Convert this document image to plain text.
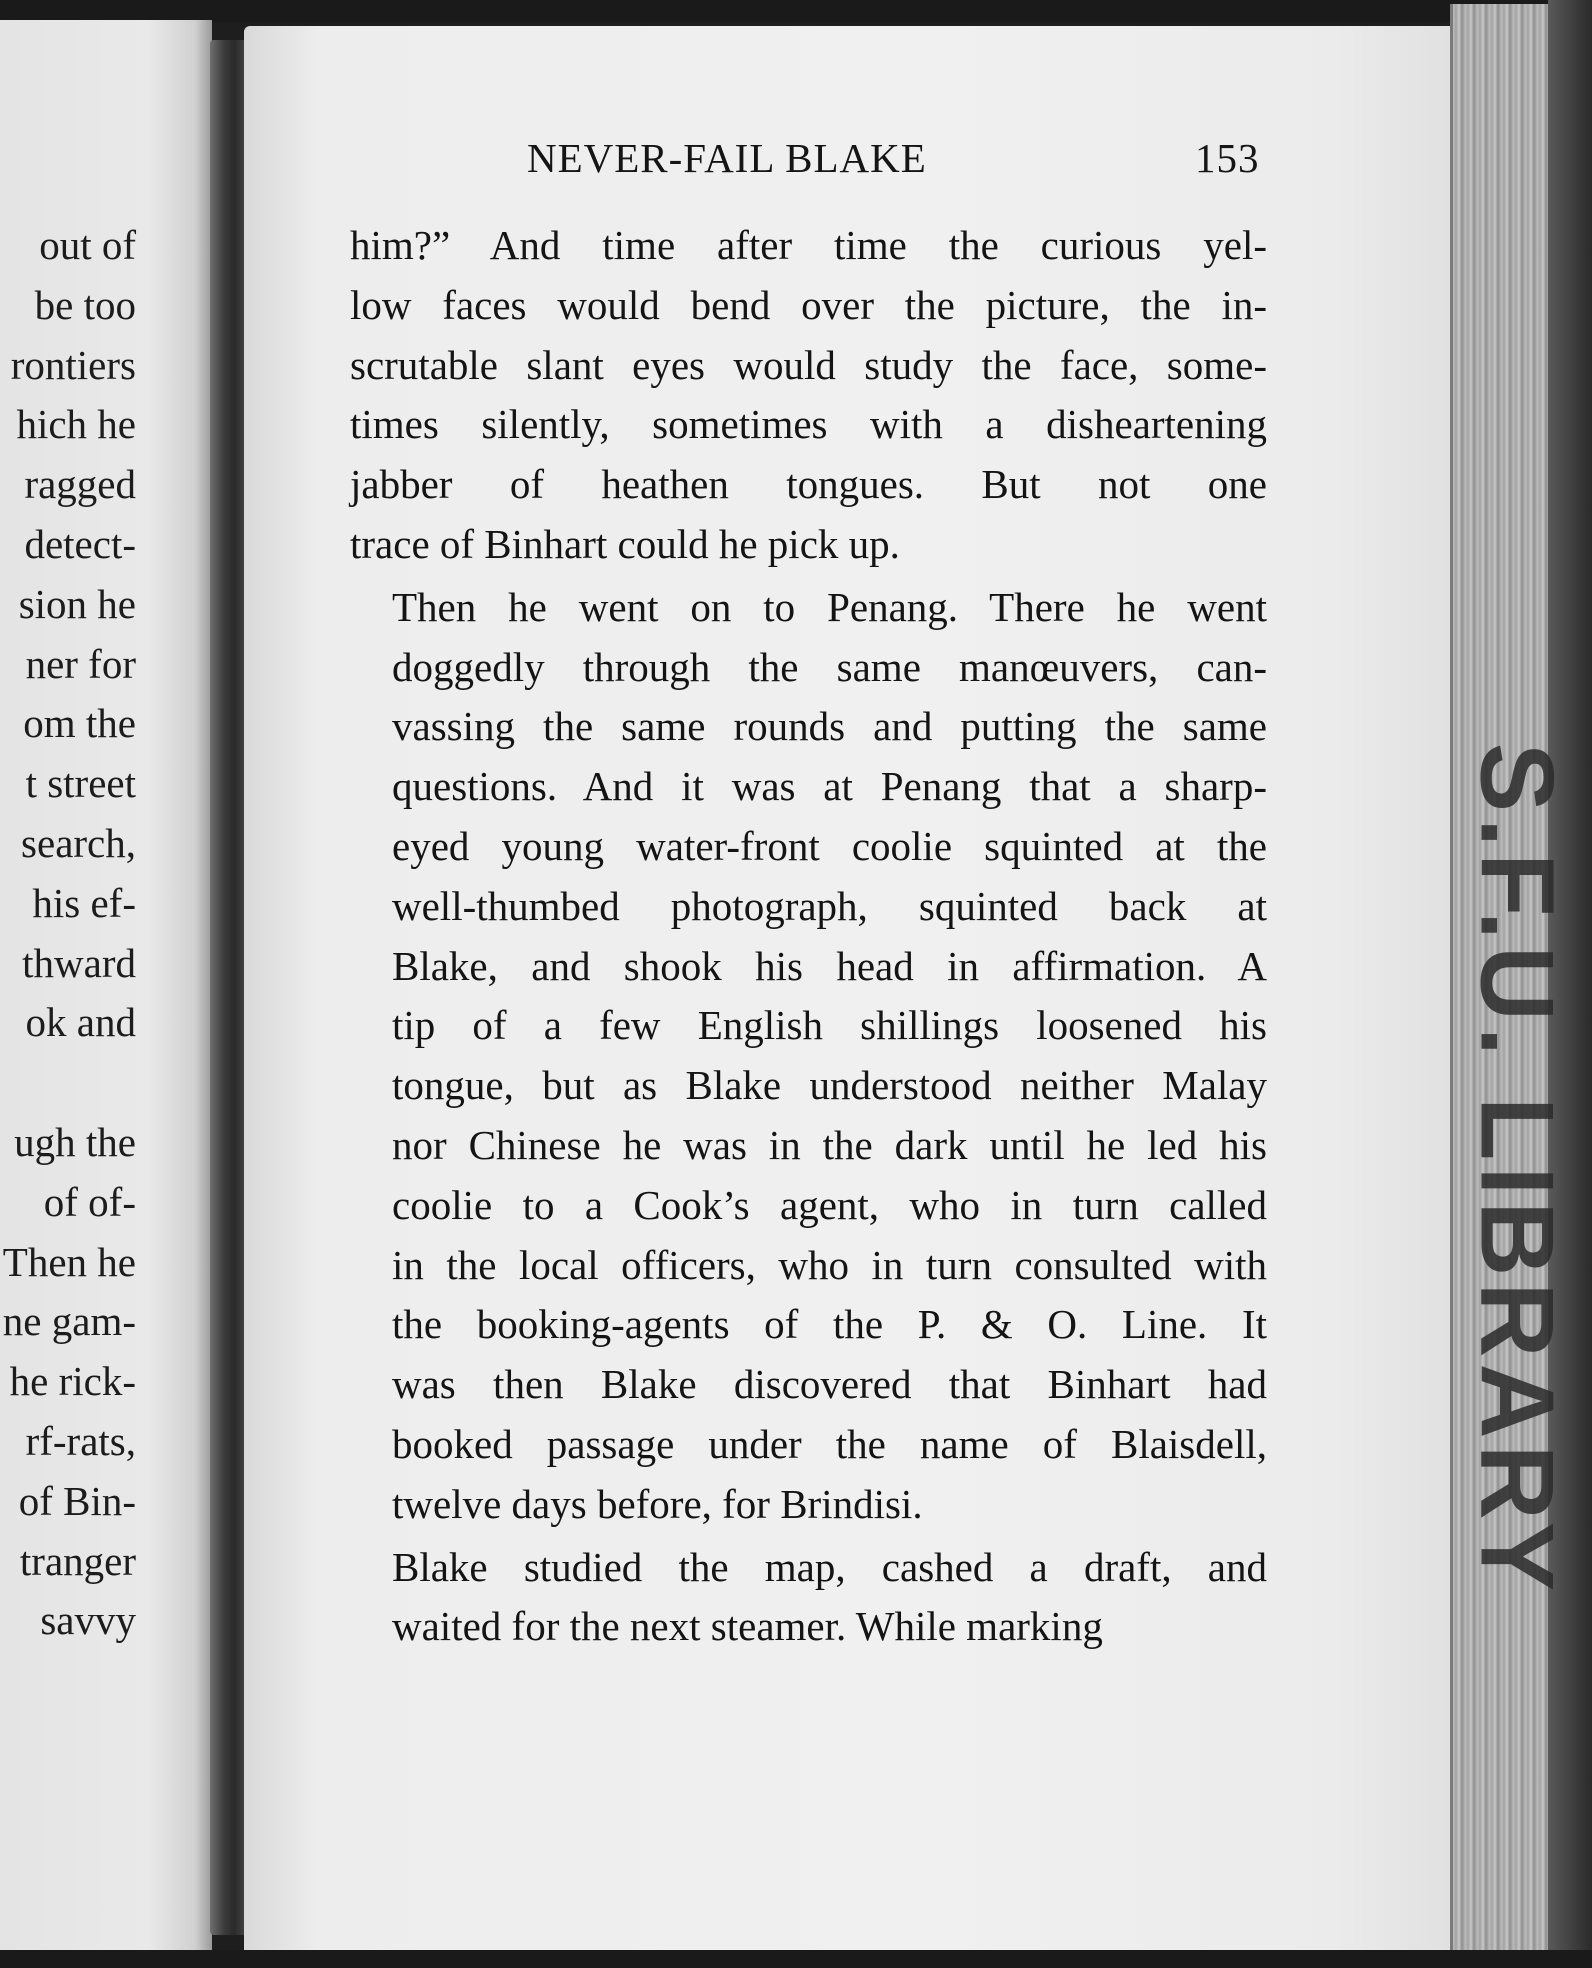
out of
be too
rontiers
hich he
ragged
detect-
sion he
ner for
om the
t street
search,
his ef-
thward
ok and
ugh the
of of-
Then he
ne gam-
he rick-
rf-rats,
of Bin-
tranger
savvy
NEVER-FAIL BLAKE	153

him?” And time after time the curious yel-
low faces would bend over the picture, the in-
scrutable slant eyes would study the face, some-
times silently, sometimes with a disheartening
jabber of heathen tongues. But not one
trace of Binhart could he pick up.

Then he went on to Penang. There he went
doggedly through the same manœuvers, can-
vassing the same rounds and putting the same
questions. And it was at Penang that a sharp-
eyed young water-front coolie squinted at the
well-thumbed photograph, squinted back at
Blake, and shook his head in affirmation. A
tip of a few English shillings loosened his
tongue, but as Blake understood neither Malay
nor Chinese he was in the dark until he led his
coolie to a Cook’s agent, who in turn called
in the local officers, who in turn consulted with
the booking-agents of the P. & O. Line. It
was then Blake discovered that Binhart had
booked passage under the name of Blaisdell,
twelve days before, for Brindisi.

Blake studied the map, cashed a draft, and
waited for the next steamer. While marking

S.F.U. LIBRARY
